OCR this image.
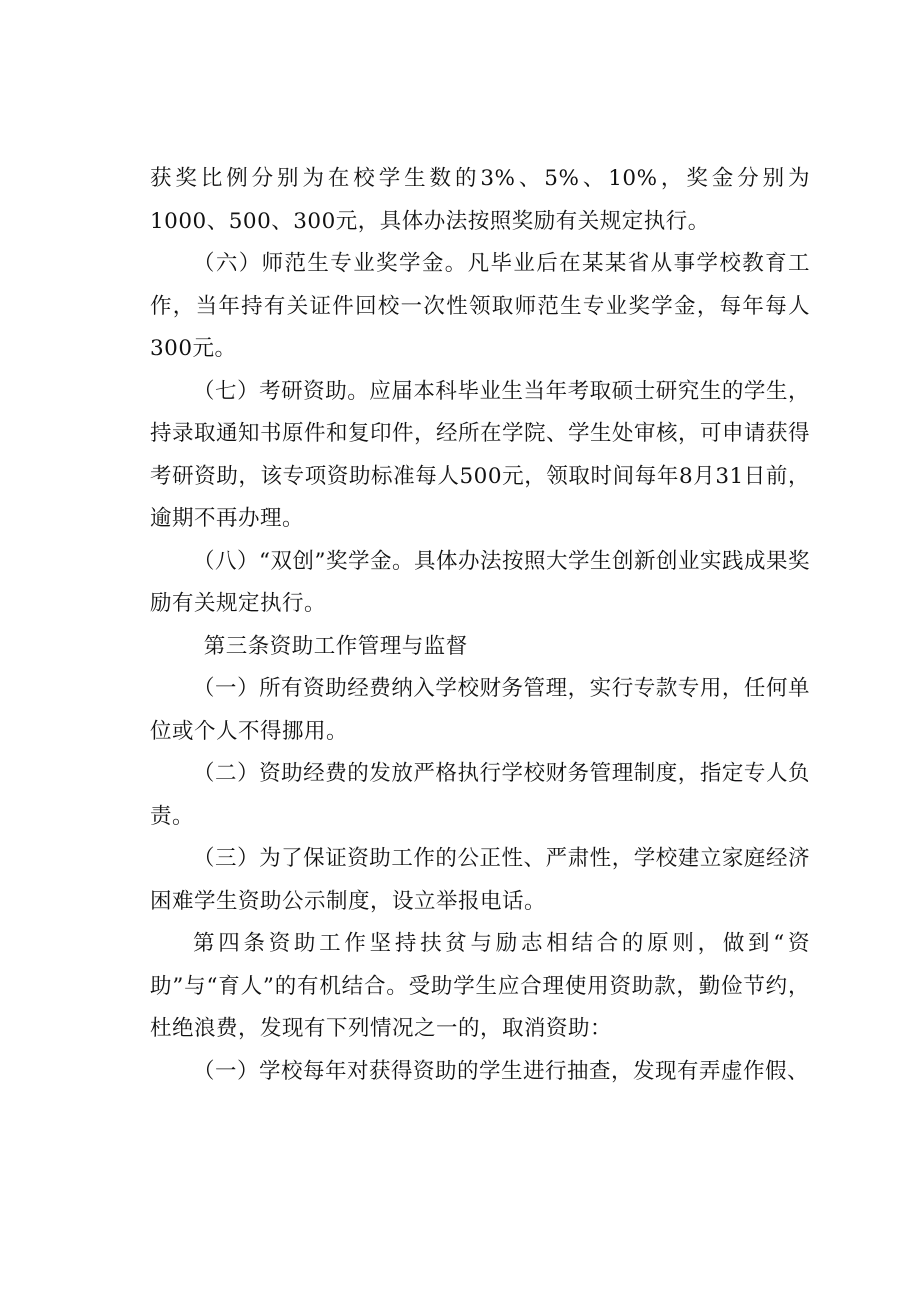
获奖比例分别为在校学生数的3%、5%、10%，奖金分别为1000、500、300元，具体办法按照奖励有关规定执行。

（六）师范生专业奖学金。凡毕业后在某某省从事学校教育工作，当年持有关证件回校一次性领取师范生专业奖学金，每年每人300元。

（七）考研资助。应届本科毕业生当年考取硕士研究生的学生，持录取通知书原件和复印件，经所在学院、学生处审核，可申请获得考研资助，该专项资助标准每人500元，领取时间每年8月31日前，逾期不再办理。

（八）“双创”奖学金。具体办法按照大学生创新创业实践成果奖励有关规定执行。

第三条资助工作管理与监督

（一）所有资助经费纳入学校财务管理，实行专款专用，任何单位或个人不得挪用。

（二）资助经费的发放严格执行学校财务管理制度，指定专人负责。

（三）为了保证资助工作的公正性、严肃性，学校建立家庭经济困难学生资助公示制度，设立举报电话。

第四条资助工作坚持扶贫与励志相结合的原则，做到“资助”与“育人”的有机结合。受助学生应合理使用资助款，勤俭节约，杜绝浪费，发现有下列情况之一的，取消资助：

（一）学校每年对获得资助的学生进行抽查，发现有弄虚作假、
